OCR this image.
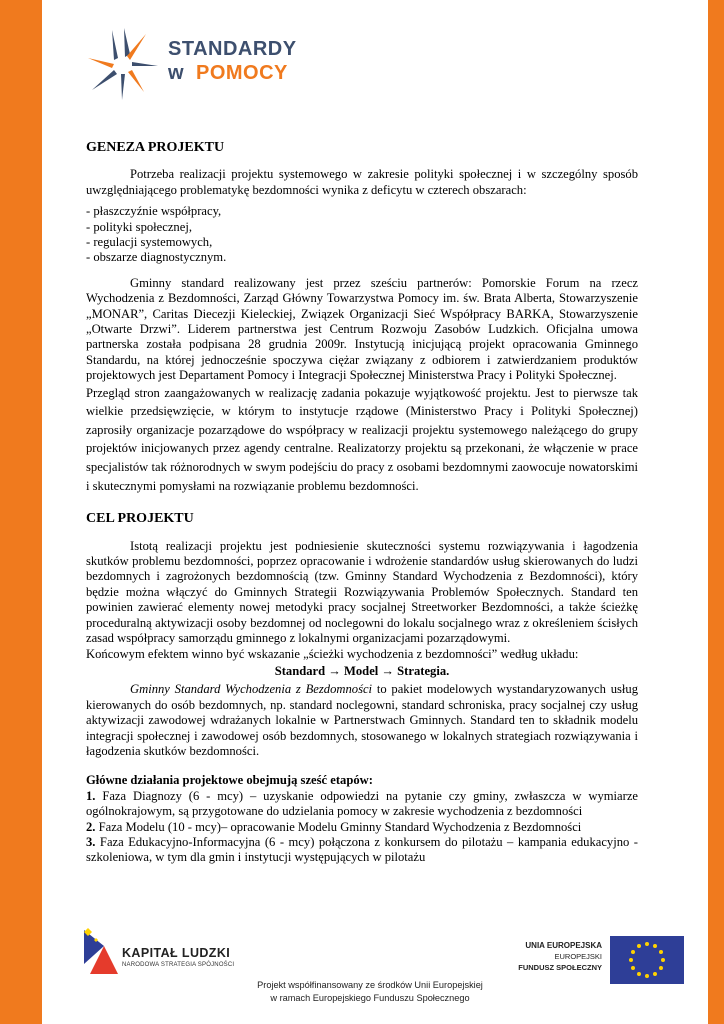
STANDARDY
w POMOCY
GENEZA PROJEKTU

Potrzeba realizacji projektu systemowego w zakresie polityki społecznej i w szczególny sposób uwzględniającego problematykę bezdomności wynika z deficytu w czterech obszarach:

- płaszczyźnie współpracy,
- polityki społecznej,
- regulacji systemowych,
- obszarze diagnostycznym.

Gminny standard realizowany jest przez sześciu partnerów: Pomorskie Forum na rzecz Wychodzenia z Bezdomności, Zarząd Główny Towarzystwa Pomocy im. św. Brata Alberta, Stowarzyszenie „MONAR”, Caritas Diecezji Kieleckiej, Związek Organizacji Sieć Współpracy BARKA, Stowarzyszenie „Otwarte Drzwi”. Liderem partnerstwa jest Centrum Rozwoju Zasobów Ludzkich. Oficjalna umowa partnerska została podpisana 28 grudnia 2009r. Instytucją inicjującą projekt opracowania Gminnego Standardu, na której jednocześnie spoczywa ciężar związany z odbiorem i zatwierdzaniem produktów projektowych jest Departament Pomocy i Integracji Społecznej Ministerstwa Pracy i Polityki Społecznej.

Przegląd stron zaangażowanych w realizację zadania pokazuje wyjątkowość projektu. Jest to pierwsze tak wielkie przedsięwzięcie, w którym to instytucje rządowe (Ministerstwo Pracy i Polityki Społecznej) zaprosiły organizacje pozarządowe do współpracy w realizacji projektu systemowego należącego do grupy projektów inicjowanych przez agendy centralne. Realizatorzy projektu są przekonani, że włączenie w prace specjalistów tak różnorodnych w swym podejściu do pracy z osobami bezdomnymi zaowocuje nowatorskimi i skutecznymi pomysłami na rozwiązanie problemu bezdomności.

CEL PROJEKTU

Istotą realizacji projektu jest podniesienie skuteczności systemu rozwiązywania i łagodzenia skutków problemu bezdomności, poprzez opracowanie i wdrożenie standardów usług skierowanych do ludzi bezdomnych i zagrożonych bezdomnością (tzw. Gminny Standard Wychodzenia z Bezdomności), który będzie można włączyć do Gminnych Strategii Rozwiązywania Problemów Społecznych. Standard ten powinien zawierać elementy nowej metodyki pracy socjalnej Streetworker Bezdomności, a także ścieżkę proceduralną aktywizacji osoby bezdomnej od noclegowni do lokalu socjalnego wraz z określeniem ścisłych zasad współpracy samorządu gminnego z lokalnymi organizacjami pozarządowymi.

Końcowym efektem winno być wskazanie „ścieżki wychodzenia z bezdomności” według układu:

Standard → Model → Strategia.

Gminny Standard Wychodzenia z Bezdomności to pakiet modelowych wystandaryzowanych usług kierowanych do osób bezdomnych, np. standard noclegowni, standard schroniska, pracy socjalnej czy usług aktywizacji zawodowej wdrażanych lokalnie w Partnerstwach Gminnych. Standard ten to składnik modelu integracji społecznej i zawodowej osób bezdomnych, stosowanego w lokalnych strategiach rozwiązywania i łagodzenia skutków bezdomności.

Główne działania projektowe obejmują sześć etapów:

1. Faza Diagnozy (6 - mcy) – uzyskanie odpowiedzi na pytanie czy gminy, zwłaszcza w wymiarze ogólnokrajowym, są przygotowane do udzielania pomocy w zakresie wychodzenia z bezdomności

2. Faza Modelu (10 - mcy)– opracowanie Modelu Gminny Standard Wychodzenia z Bezdomności

3. Faza Edukacyjno-Informacyjna (6 - mcy) połączona z konkursem do pilotażu – kampania edukacyjno - szkoleniowa, w tym dla gmin i instytucji występujących w pilotażu

KAPITAŁ LUDZKI
NARODOWA STRATEGIA SPÓJNOŚCI
UNIA EUROPEJSKA
EUROPEJSKI
FUNDUSZ SPOŁECZNY
Projekt współfinansowany ze środków Unii Europejskiej
w ramach Europejskiego Funduszu Społecznego
